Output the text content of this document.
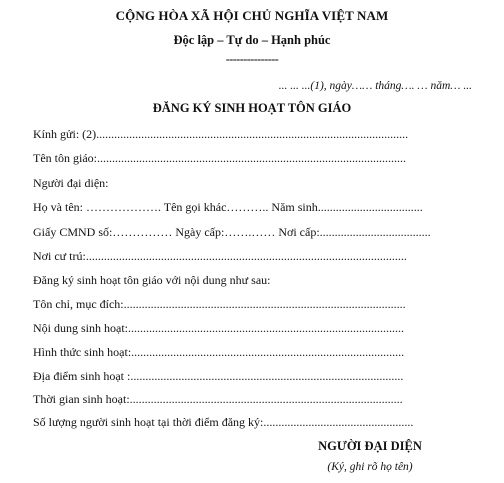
CỘNG HÒA XÃ HỘI CHỦ NGHĨA VIỆT NAM
Độc lập – Tự do – Hạnh phúc
---------------
... ... ...(1), ngày…… tháng…. … năm… ...
ĐĂNG KÝ SINH HOẠT TÔN GIÁO
Kính gửi: (2)........................................................................................................
Tên tôn giáo:.......................................................................................................
Người đại diện:
Họ và tên: ………………. Tên gọi khác……….. Năm sinh...................................
Giấy CMND số:…………… Ngày cấp:…….…… Nơi cấp:.....................................
Nơi cư trú:...........................................................................................................
Đăng ký sinh hoạt tôn giáo với nội dung như sau:
Tôn chỉ, mục đích:..............................................................................................
Nội dung sinh hoạt:............................................................................................
Hình thức sinh hoạt:...........................................................................................
Địa điểm sinh hoạt :...........................................................................................
Thời gian sinh hoạt:...........................................................................................
Số lượng người sinh hoạt tại thời điểm đăng ký:..................................................
NGƯỜI ĐẠI DIỆN
(Ký, ghi rõ họ tên)
